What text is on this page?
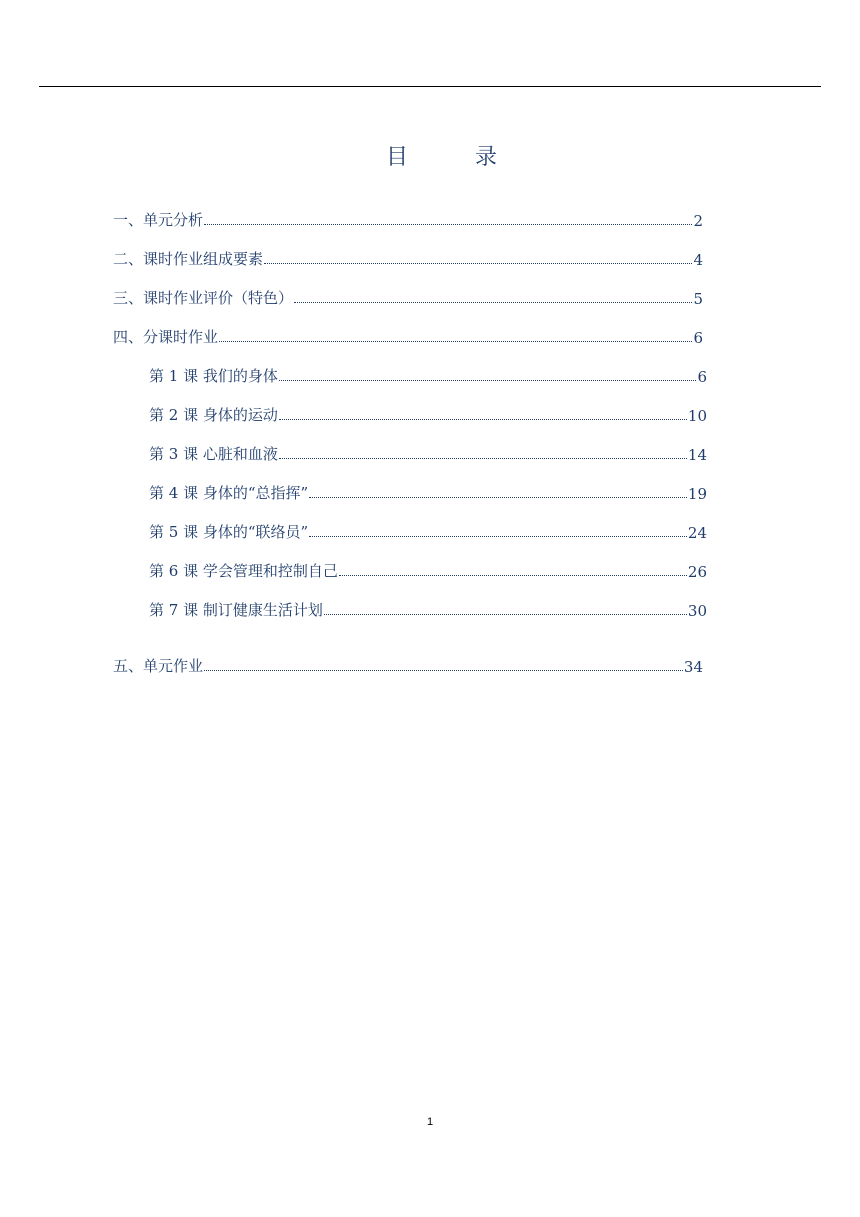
目 录
一、单元分析	2
二、课时作业组成要素	4
三、课时作业评价（特色）	5
四、分课时作业	6
第 1 课 我们的身体	6
第 2 课 身体的运动	10
第 3 课 心脏和血液	14
第 4 课 身体的“总指挥”	19
第 5 课 身体的“联络员”	24
第 6 课 学会管理和控制自己	26
第 7 课 制订健康生活计划	30
五、单元作业	34
1
